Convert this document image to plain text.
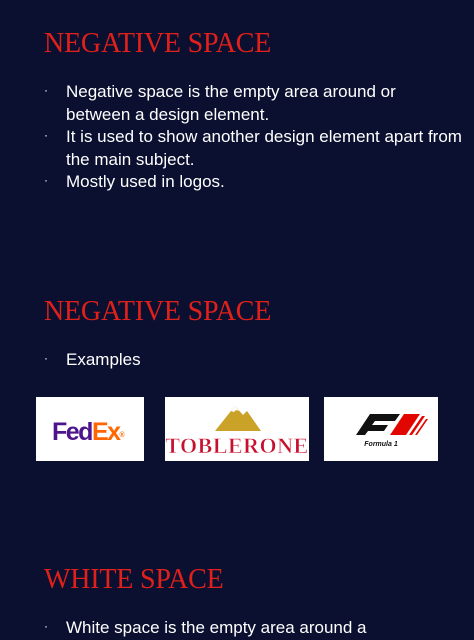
NEGATIVE SPACE
· Negative space is the empty area around or between a design element.
· It is used to show another design element apart from the main subject.
· Mostly used in logos.
NEGATIVE SPACE
· Examples
FedEx® TOBLERONE	Formula 1
WHITE SPACE
· White space is the empty area around a
